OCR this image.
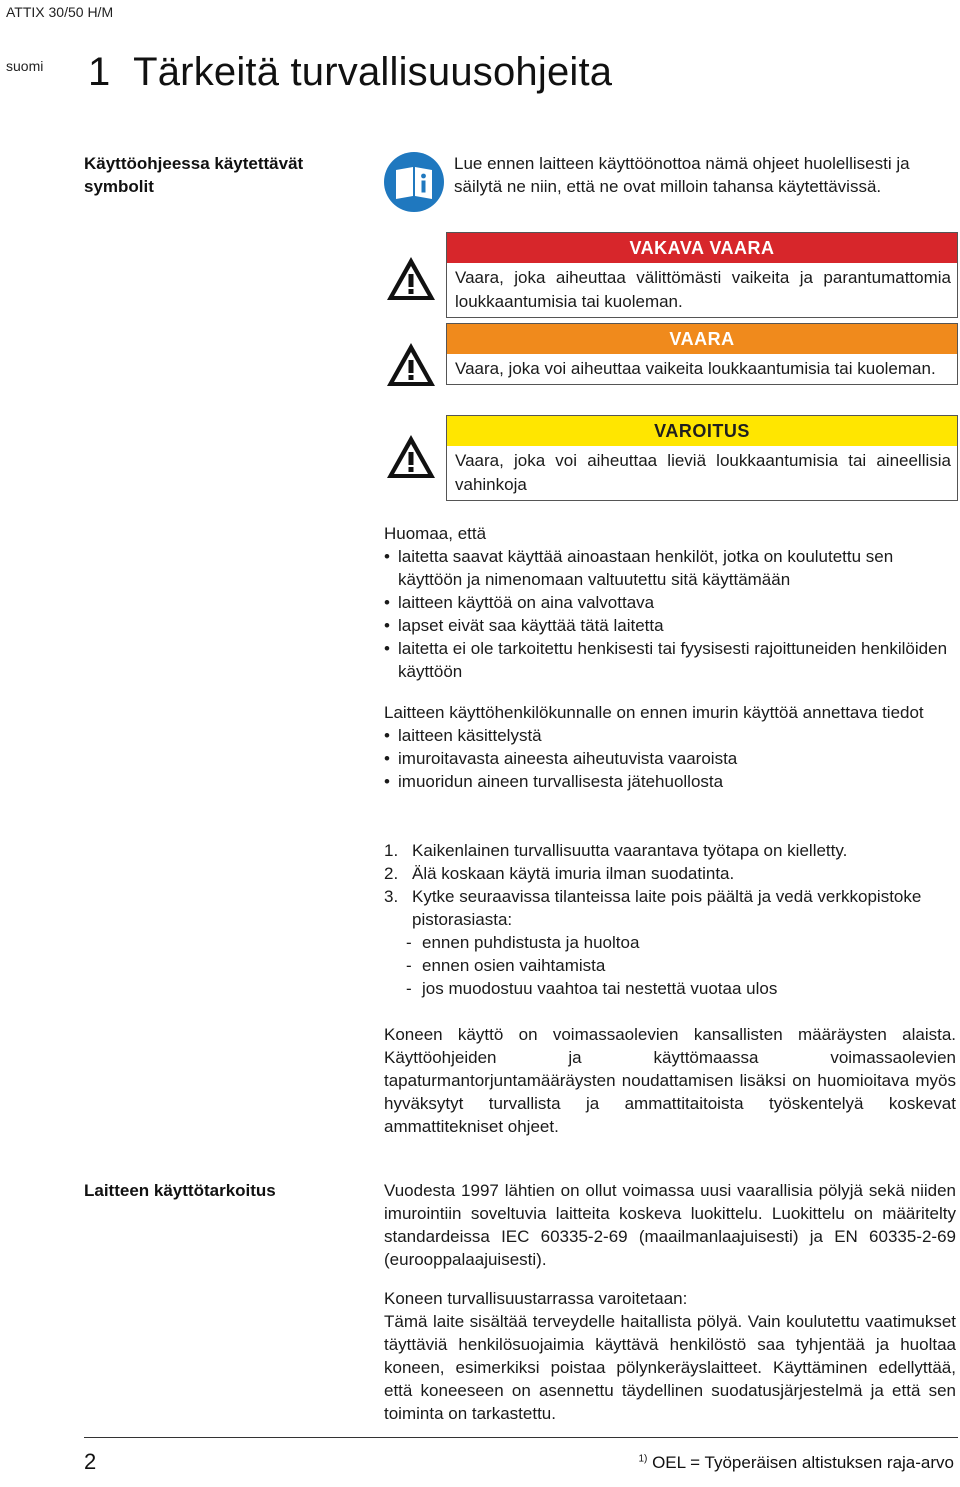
ATTIX 30/50 H/M
suomi 1 Tärkeitä turvallisuusohjeita
Käyttöohjeessa käytettävät symbolit
Lue ennen laitteen käyttöönottoa nämä ohjeet huolellisesti ja säilytä ne niin, että ne ovat milloin tahansa käytettävissä.
VAKAVA VAARA
Vaara, joka aiheuttaa välittömästi vaikeita ja parantumattomia loukkaantumisia tai kuoleman.
VAARA
Vaara, joka voi aiheuttaa vaikeita loukkaantumisia tai kuoleman.
VAROITUS
Vaara, joka voi aiheuttaa lieviä loukkaantumisia tai aineellisia vahinkoja
Huomaa, että
• laitetta saavat käyttää ainoastaan henkilöt, jotka on koulutettu sen käyttöön ja nimenomaan valtuutettu sitä käyttämään
• laitteen käyttöä on aina valvottava
• lapset eivät saa käyttää tätä laitetta
• laitetta ei ole tarkoitettu henkisesti tai fyysisesti rajoittuneiden henkilöiden käyttöön
Laitteen käyttöhenkilökunnalle on ennen imurin käyttöä annettava tiedot
• laitteen käsittelystä
• imuroitavasta aineesta aiheutuvista vaaroista
• imuoridun aineen turvallisesta jätehuollosta
1. Kaikenlainen turvallisuutta vaarantava työtapa on kielletty.
2. Älä koskaan käytä imuria ilman suodatinta.
3. Kytke seuraavissa tilanteissa laite pois päältä ja vedä verkkopistoke pistorasiasta:
- ennen puhdistusta ja huoltoa
- ennen osien vaihtamista
- jos muodostuu vaahtoa tai nestettä vuotaa ulos
Koneen käyttö on voimassaolevien kansallisten määräysten alaista. Käyttöohjeiden ja käyttömaassa voimassaolevien tapaturmantorjuntamääräysten noudattamisen lisäksi on huomioitava myös hyväksytyt turvallista ja ammattitaitoista työskentelyä koskevat ammattitekniset ohjeet.
Laitteen käyttötarkoitus	Vuodesta 1997 lähtien on ollut voimassa uusi vaarallisia pölyjä sekä niiden imurointiin soveltuvia laitteita koskeva luokittelu. Luokittelu on määritelty standardeissa IEC 60335-2-69 (maailmanlaajuisesti) ja EN 60335-2-69 (eurooppalaajuisesti).
Koneen turvallisuustarrassa varoitetaan:
Tämä laite sisältää terveydelle haitallista pölyä. Vain koulutettu vaatimukset täyttäviä henkilösuojaimia käyttävä henkilöstö saa tyhjentää ja huoltaa koneen, esimerkiksi poistaa pölynkeräyslaitteet. Käyttäminen edellyttää, että koneeseen on asennettu täydellinen suodatusjärjestelmä ja että sen toiminta on tarkastettu.
2	$^{1)}$ OEL = Työperäisen altistuksen raja-arvo
